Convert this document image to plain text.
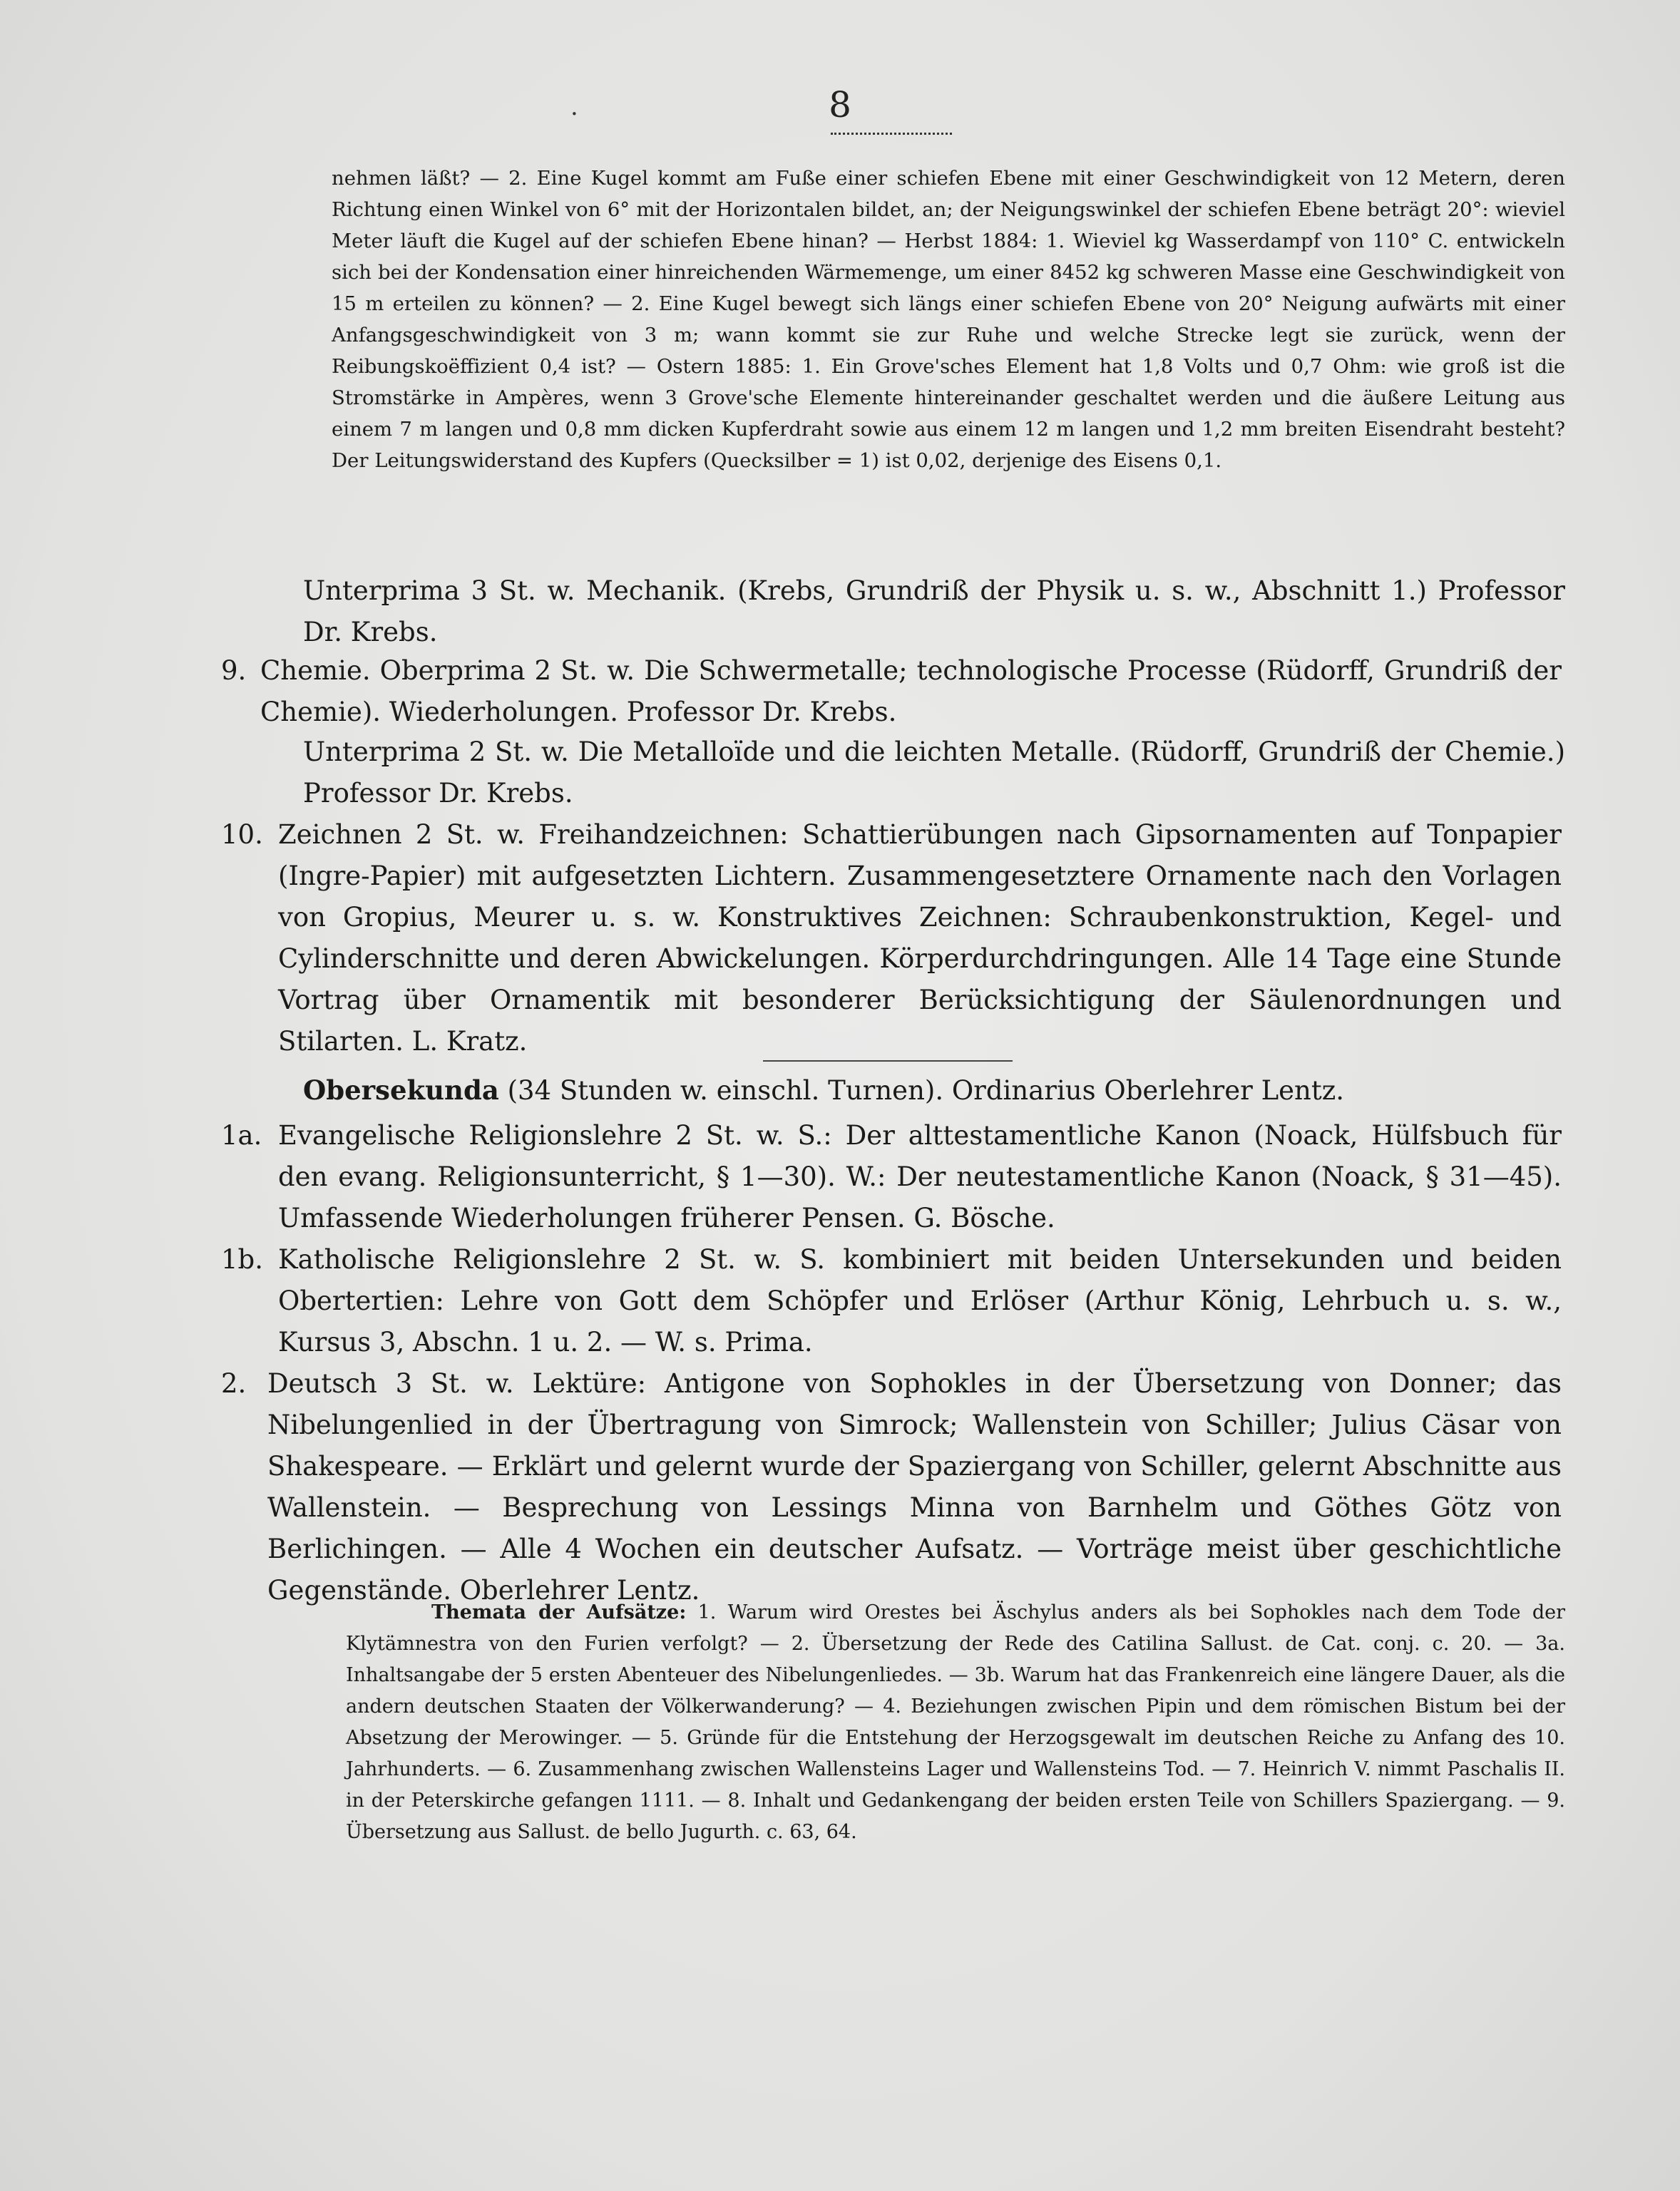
·	8
nehmen läßt? — 2. Eine Kugel kommt am Fuße einer schiefen Ebene mit einer Geschwindigkeit von 12 Metern, deren Richtung einen Winkel von 6° mit der Horizontalen bildet, an; der Neigungswinkel der schiefen Ebene beträgt 20°: wieviel Meter läuft die Kugel auf der schiefen Ebene hinan? — Herbst 1884: 1. Wieviel kg Wasserdampf von 110° C. entwickeln sich bei der Kondensation einer hinreichenden Wärmemenge, um einer 8452 kg schweren Masse eine Geschwindigkeit von 15 m erteilen zu können? — 2. Eine Kugel bewegt sich längs einer schiefen Ebene von 20° Neigung aufwärts mit einer Anfangsgeschwindigkeit von 3 m; wann kommt sie zur Ruhe und welche Strecke legt sie zurück, wenn der Reibungskoëffizient 0,4 ist? — Ostern 1885: 1. Ein Grove'sches Element hat 1,8 Volts und 0,7 Ohm: wie groß ist die Stromstärke in Ampères, wenn 3 Grove'sche Elemente hintereinander geschaltet werden und die äußere Leitung aus einem 7 m langen und 0,8 mm dicken Kupferdraht sowie aus einem 12 m langen und 1,2 mm breiten Eisendraht besteht? Der Leitungswiderstand des Kupfers (Quecksilber = 1) ist 0,02, derjenige des Eisens 0,1.
Unterprima 3 St. w. Mechanik. (Krebs, Grundriß der Physik u. s. w., Abschnitt 1.) Professor Dr. Krebs.
9. Chemie. Oberprima 2 St. w. Die Schwermetalle; technologische Processe (Rüdorff, Grundriß der Chemie). Wiederholungen. Professor Dr. Krebs.
Unterprima 2 St. w. Die Metalloïde und die leichten Metalle. (Rüdorff, Grundriß der Chemie.) Professor Dr. Krebs.
10. Zeichnen 2 St. w. Freihandzeichnen: Schattierübungen nach Gipsornamenten auf Tonpapier (Ingre-Papier) mit aufgesetzten Lichtern. Zusammengesetztere Ornamente nach den Vorlagen von Gropius, Meurer u. s. w. Konstruktives Zeichnen: Schraubenkonstruktion, Kegel- und Cylinderschnitte und deren Abwickelungen. Körperdurchdringungen. Alle 14 Tage eine Stunde Vortrag über Ornamentik mit besonderer Berücksichtigung der Säulenordnungen und Stilarten. L. Kratz.
Obersekunda (34 Stunden w. einschl. Turnen). Ordinarius Oberlehrer Lentz.
1a. Evangelische Religionslehre 2 St. w. S.: Der alttestamentliche Kanon (Noack, Hülfsbuch für den evang. Religionsunterricht, § 1—30). W.: Der neutestamentliche Kanon (Noack, § 31—45). Umfassende Wiederholungen früherer Pensen. G. Bösche.
1b. Katholische Religionslehre 2 St. w. S. kombiniert mit beiden Untersekunden und beiden Obertertien: Lehre von Gott dem Schöpfer und Erlöser (Arthur König, Lehrbuch u. s. w., Kursus 3, Abschn. 1 u. 2. — W. s. Prima.
2. Deutsch 3 St. w. Lektüre: Antigone von Sophokles in der Übersetzung von Donner; das Nibelungenlied in der Übertragung von Simrock; Wallenstein von Schiller; Julius Cäsar von Shakespeare. — Erklärt und gelernt wurde der Spaziergang von Schiller, gelernt Abschnitte aus Wallenstein. — Besprechung von Lessings Minna von Barnhelm und Göthes Götz von Berlichingen. — Alle 4 Wochen ein deutscher Aufsatz. — Vorträge meist über geschichtliche Gegenstände. Oberlehrer Lentz.
Themata der Aufsätze: 1. Warum wird Orestes bei Äschylus anders als bei Sophokles nach dem Tode der Klytämnestra von den Furien verfolgt? — 2. Übersetzung der Rede des Catilina Sallust. de Cat. conj. c. 20. — 3a. Inhaltsangabe der 5 ersten Abenteuer des Nibelungenliedes. — 3b. Warum hat das Frankenreich eine längere Dauer, als die andern deutschen Staaten der Völkerwanderung? — 4. Beziehungen zwischen Pipin und dem römischen Bistum bei der Absetzung der Merowinger. — 5. Gründe für die Entstehung der Herzogsgewalt im deutschen Reiche zu Anfang des 10. Jahrhunderts. — 6. Zusammenhang zwischen Wallensteins Lager und Wallensteins Tod. — 7. Heinrich V. nimmt Paschalis II. in der Peterskirche gefangen 1111. — 8. Inhalt und Gedankengang der beiden ersten Teile von Schillers Spaziergang. — 9. Übersetzung aus Sallust. de bello Jugurth. c. 63, 64.
